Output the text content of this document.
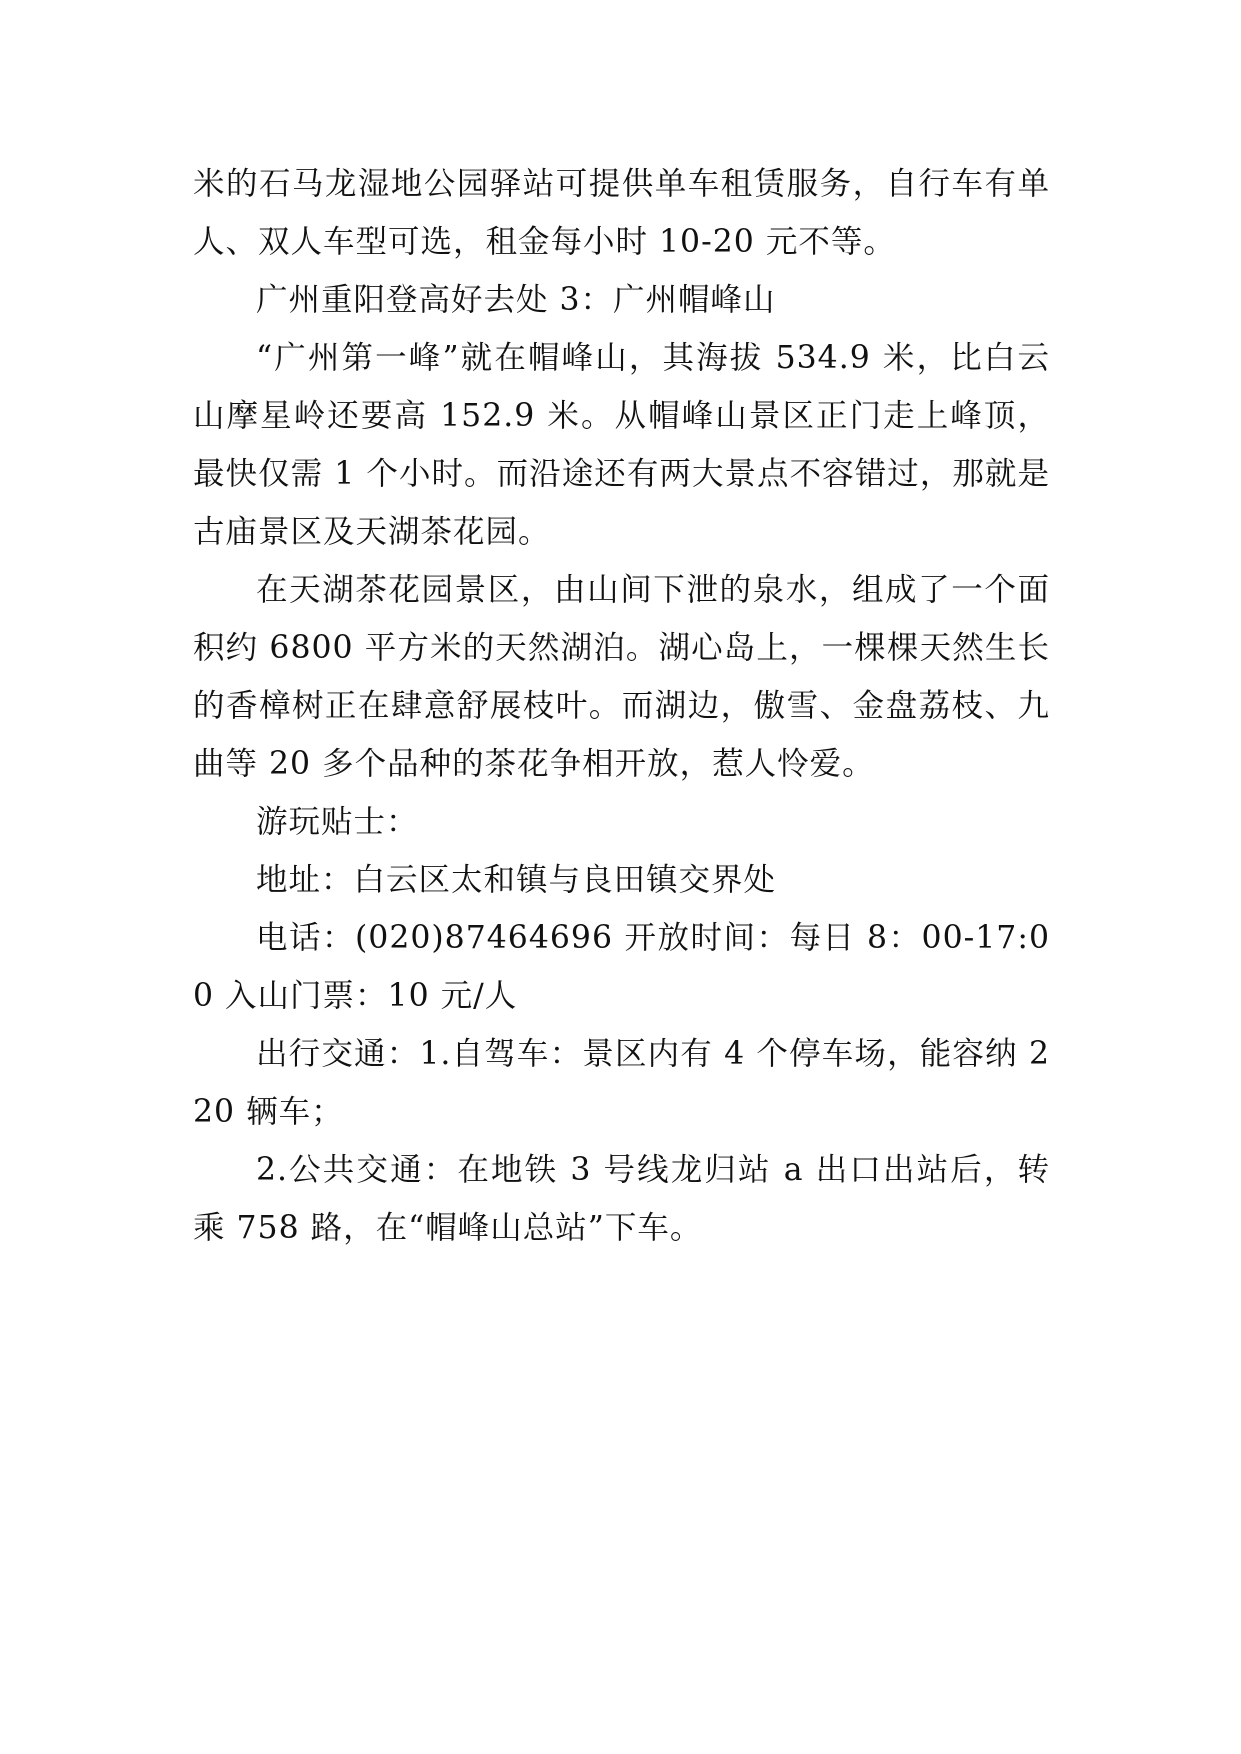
米的石马龙湿地公园驿站可提供单车租赁服务，自行车有单人、双人车型可选，租金每小时 10-20 元不等。

广州重阳登高好去处 3：广州帽峰山

“广州第一峰”就在帽峰山，其海拔 534.9 米，比白云山摩星岭还要高 152.9 米。从帽峰山景区正门走上峰顶，最快仅需 1 个小时。而沿途还有两大景点不容错过，那就是古庙景区及天湖茶花园。

在天湖茶花园景区，由山间下泄的泉水，组成了一个面积约 6800 平方米的天然湖泊。湖心岛上，一棵棵天然生长的香樟树正在肆意舒展枝叶。而湖边，傲雪、金盘荔枝、九曲等 20 多个品种的茶花争相开放，惹人怜爱。

游玩贴士：

地址：白云区太和镇与良田镇交界处

电话：(020)87464696 开放时间：每日 8：00-17:00 入山门票：10 元/人

出行交通：1.自驾车：景区内有 4 个停车场，能容纳 220 辆车；

2.公共交通：在地铁 3 号线龙归站 a 出口出站后，转乘 758 路，在“帽峰山总站”下车。
